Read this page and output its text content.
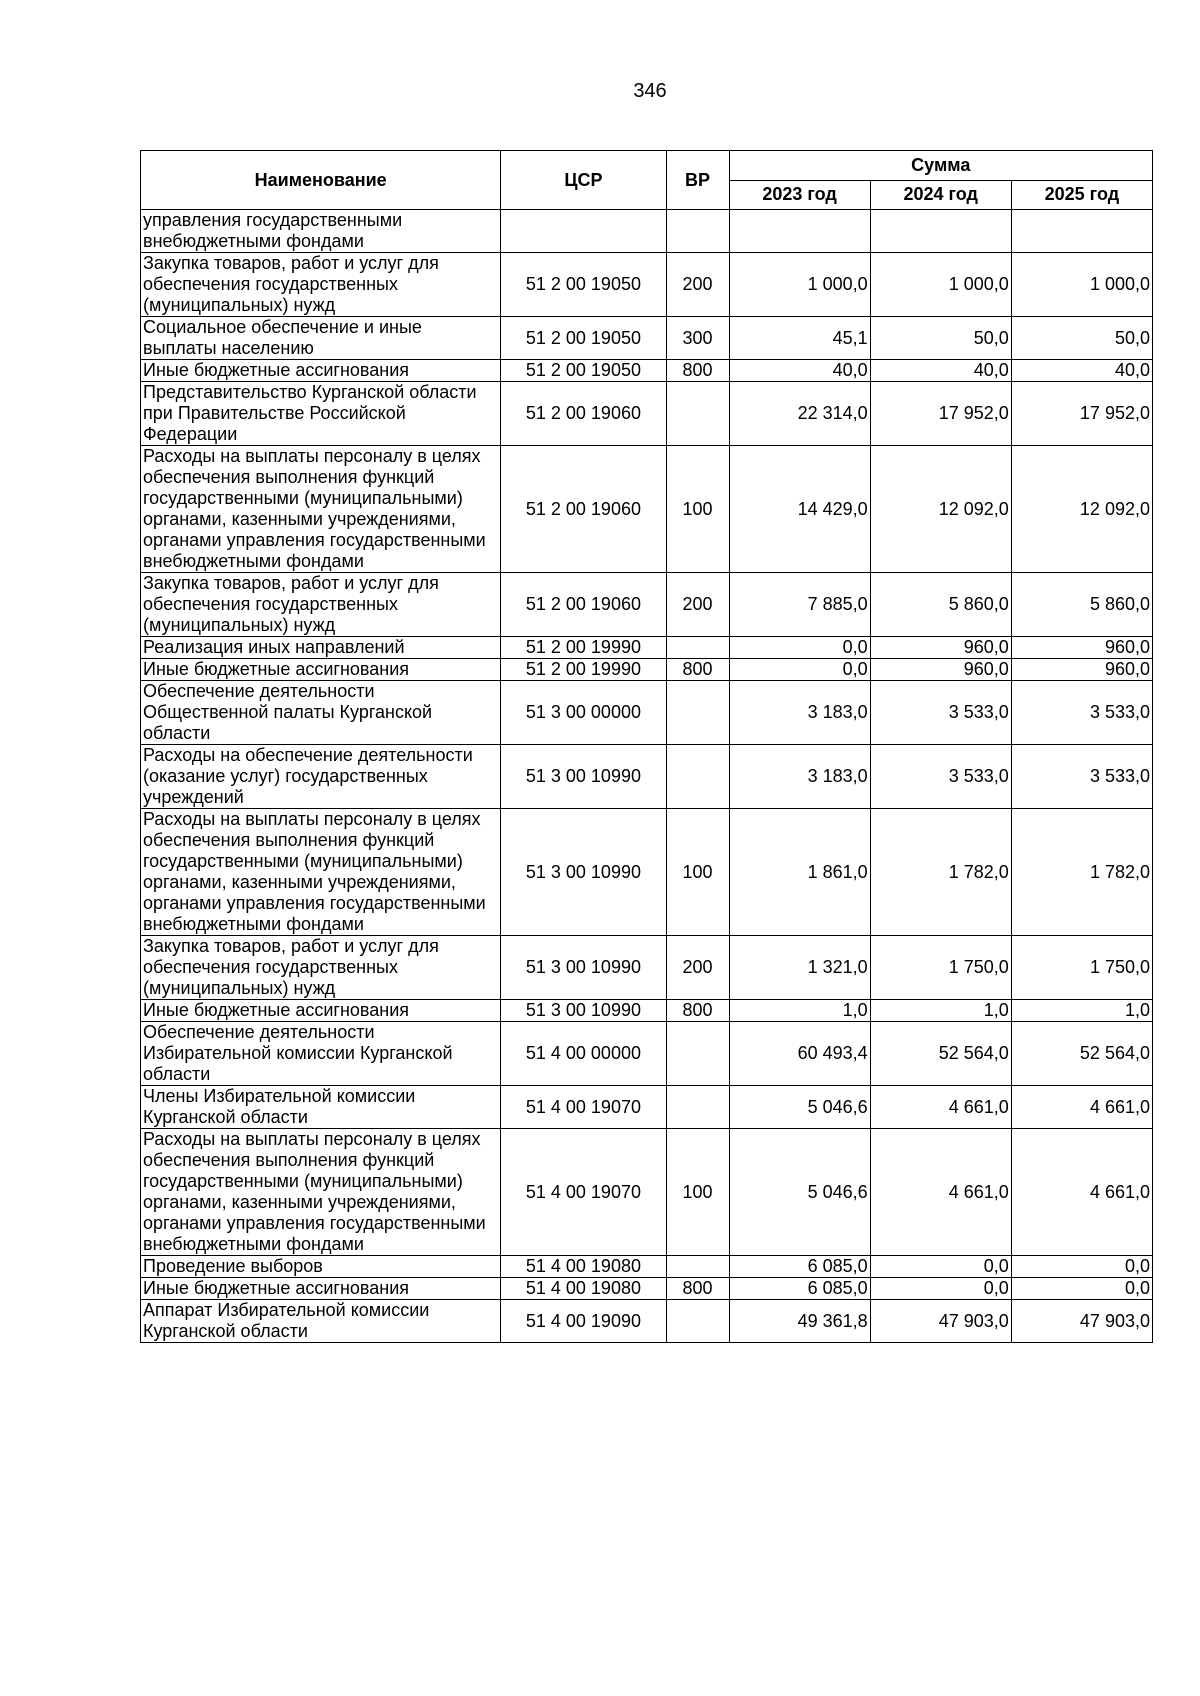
346
Наименование	ЦСР	ВР	Сумма		
			2023 год	2024 год	2025 год
управления государственными внебюджетными фондами					
Закупка товаров, работ и услуг для обеспечения государственных (муниципальных) нужд	51 2 00 19050	200	1 000,0	1 000,0	1 000,0
Социальное обеспечение и иные выплаты населению	51 2 00 19050	300	45,1	50,0	50,0
Иные бюджетные ассигнования	51 2 00 19050	800	40,0	40,0	40,0
Представительство Курганской области при Правительстве Российской Федерации	51 2 00 19060		22 314,0	17 952,0	17 952,0
Расходы на выплаты персоналу в целях обеспечения выполнения функций государственными (муниципальными) органами, казенными учреждениями, органами управления государственными внебюджетными фондами	51 2 00 19060	100	14 429,0	12 092,0	12 092,0
Закупка товаров, работ и услуг для обеспечения государственных (муниципальных) нужд	51 2 00 19060	200	7 885,0	5 860,0	5 860,0
Реализация иных направлений	51 2 00 19990		0,0	960,0	960,0
Иные бюджетные ассигнования	51 2 00 19990	800	0,0	960,0	960,0
Обеспечение деятельности Общественной палаты Курганской области	51 3 00 00000		3 183,0	3 533,0	3 533,0
Расходы на обеспечение деятельности (оказание услуг) государственных учреждений	51 3 00 10990		3 183,0	3 533,0	3 533,0
Расходы на выплаты персоналу в целях обеспечения выполнения функций государственными (муниципальными) органами, казенными учреждениями, органами управления государственными внебюджетными фондами	51 3 00 10990	100	1 861,0	1 782,0	1 782,0
Закупка товаров, работ и услуг для обеспечения государственных (муниципальных) нужд	51 3 00 10990	200	1 321,0	1 750,0	1 750,0
Иные бюджетные ассигнования	51 3 00 10990	800	1,0	1,0	1,0
Обеспечение деятельности Избирательной комиссии Курганской области	51 4 00 00000		60 493,4	52 564,0	52 564,0
Члены Избирательной комиссии Курганской области	51 4 00 19070		5 046,6	4 661,0	4 661,0
Расходы на выплаты персоналу в целях обеспечения выполнения функций государственными (муниципальными) органами, казенными учреждениями, органами управления государственными внебюджетными фондами	51 4 00 19070	100	5 046,6	4 661,0	4 661,0
Проведение выборов	51 4 00 19080		6 085,0	0,0	0,0
Иные бюджетные ассигнования	51 4 00 19080	800	6 085,0	0,0	0,0
Аппарат Избирательной комиссии Курганской области	51 4 00 19090		49 361,8	47 903,0	47 903,0
